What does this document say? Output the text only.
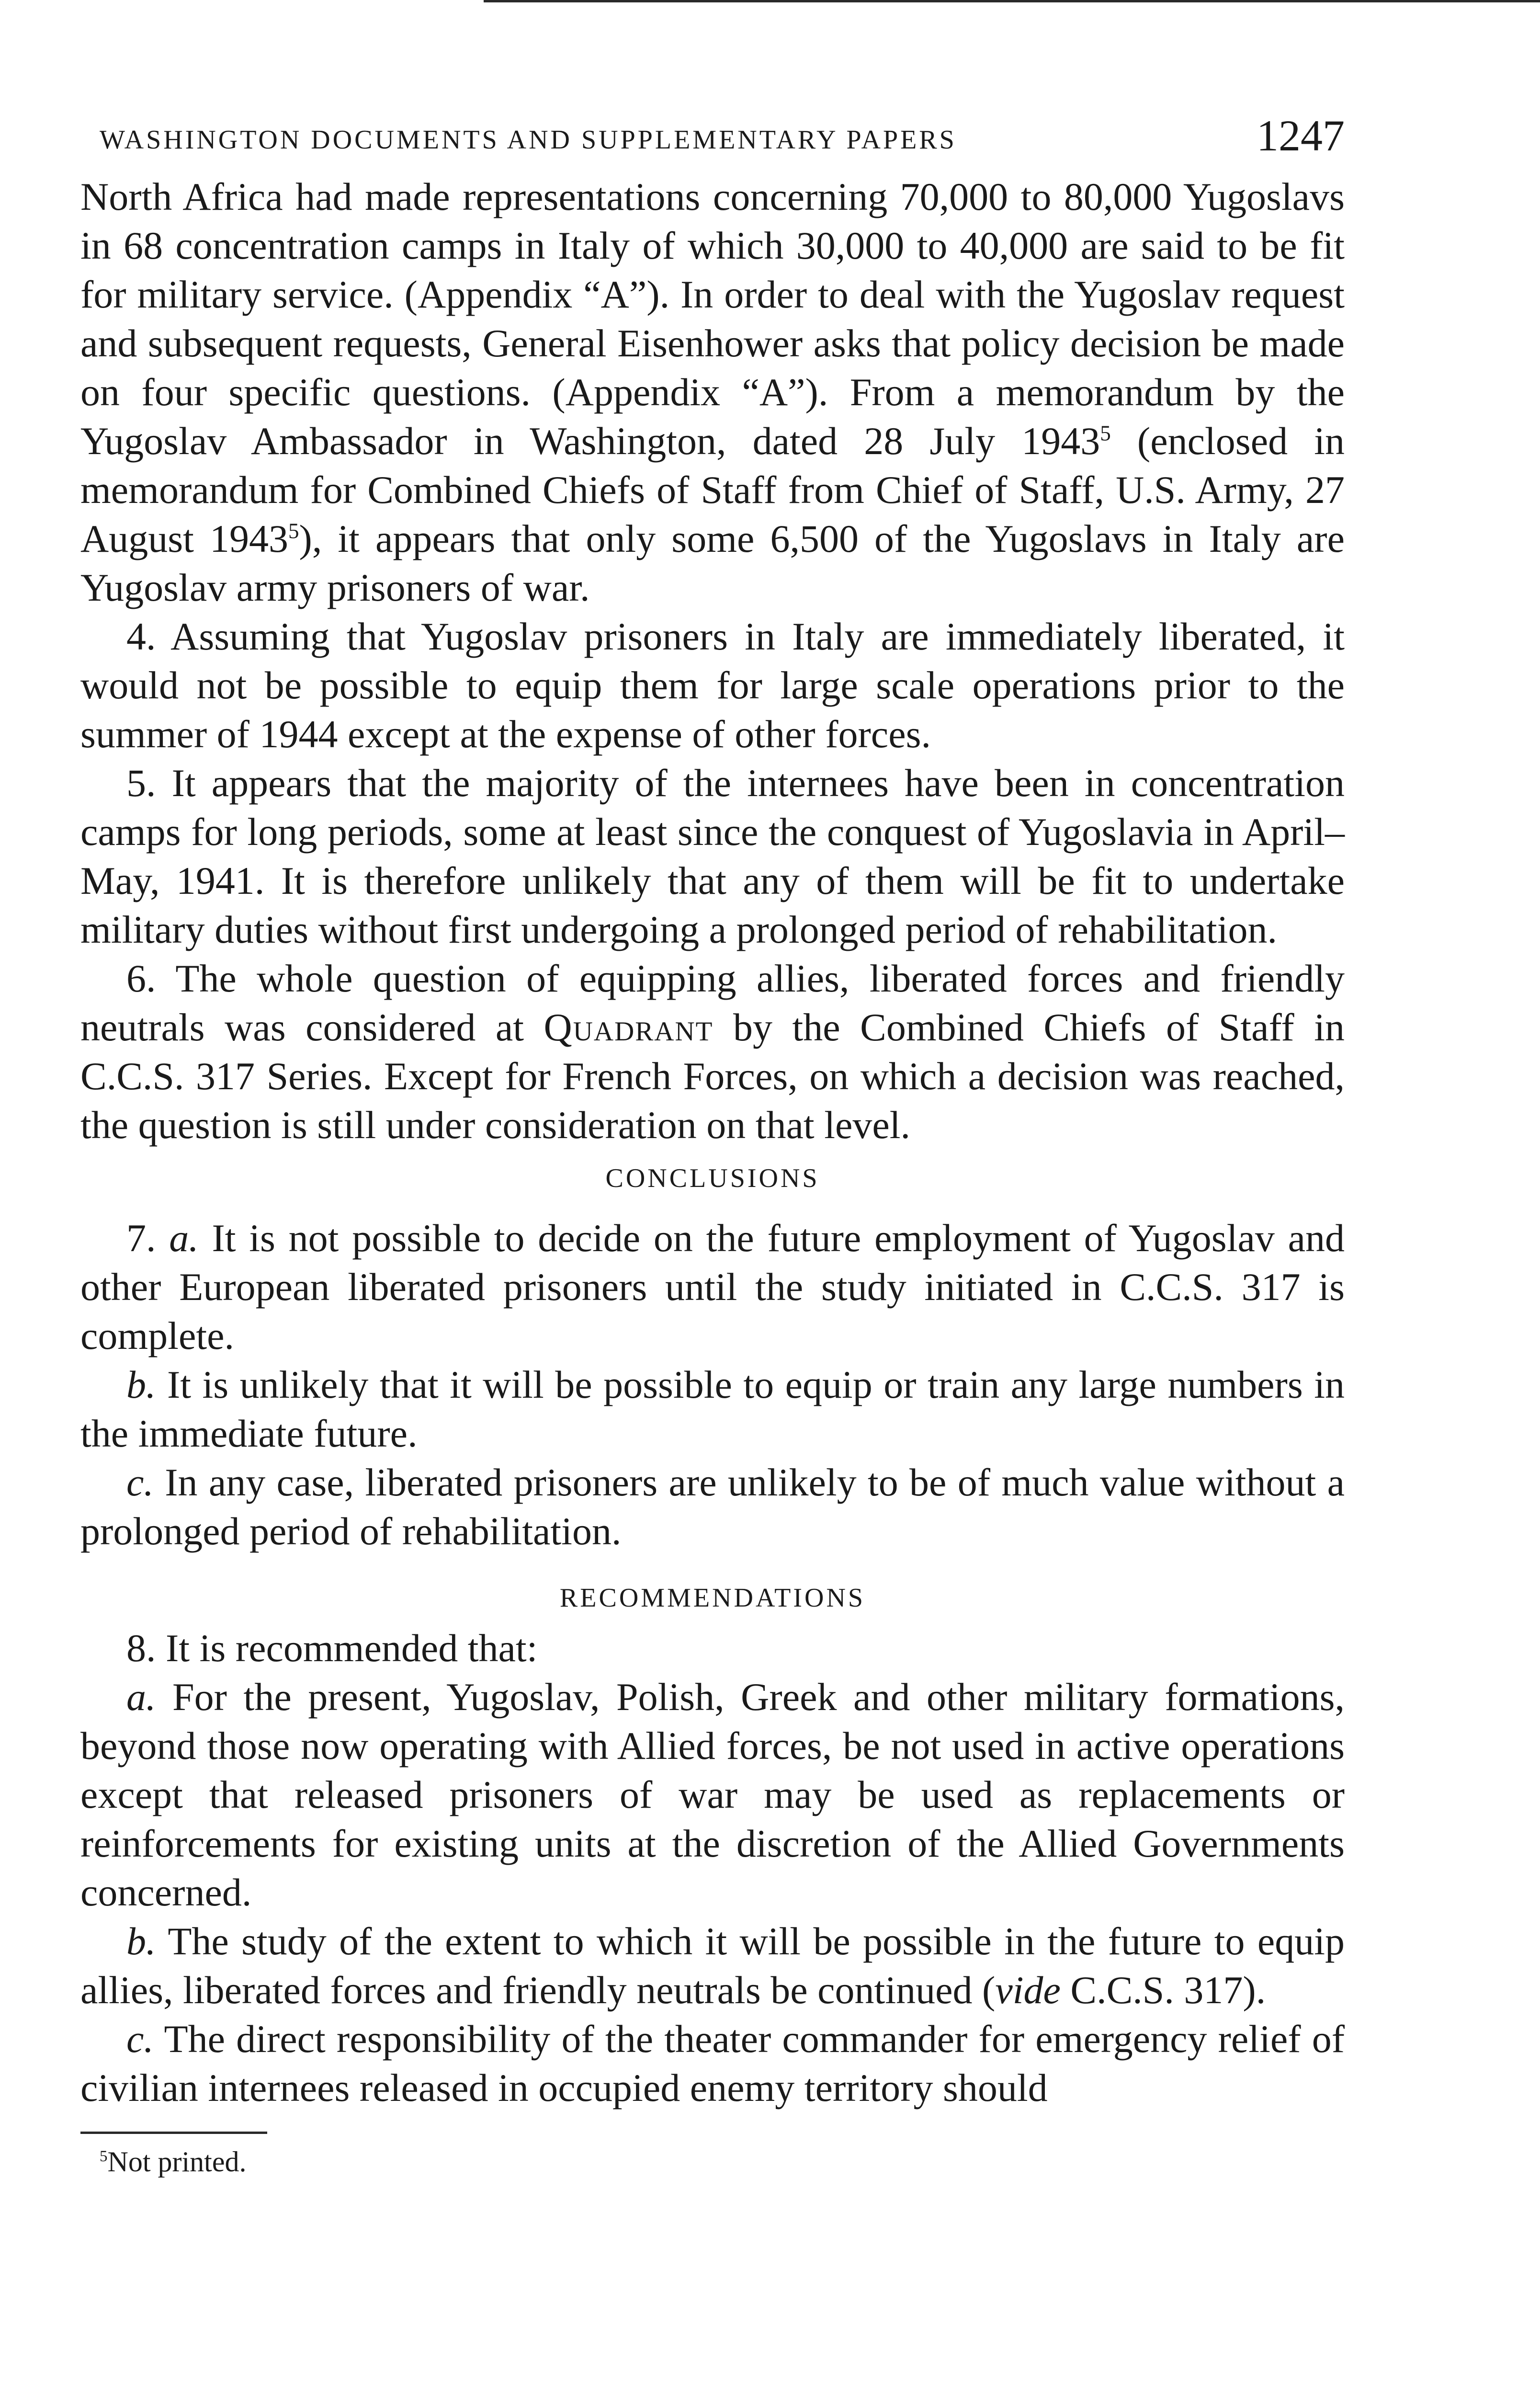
WASHINGTON DOCUMENTS AND SUPPLEMENTARY PAPERS	1247

North Africa had made representations concerning 70,000 to 80,000 Yugoslavs in 68 concentration camps in Italy of which 30,000 to 40,000 are said to be fit for military service. (Appendix “A”). In order to deal with the Yugoslav request and subsequent requests, General Eisenhower asks that policy decision be made on four specific questions. (Appendix “A”). From a memorandum by the Yugoslav Ambassador in Washington, dated 28 July 1943$^5$ (enclosed in memorandum for Combined Chiefs of Staff from Chief of Staff, U.S. Army, 27 August 1943$^5$), it appears that only some 6,500 of the Yugoslavs in Italy are Yugoslav army prisoners of war.

4. Assuming that Yugoslav prisoners in Italy are immediately liberated, it would not be possible to equip them for large scale operations prior to the summer of 1944 except at the expense of other forces.

5. It appears that the majority of the internees have been in concentration camps for long periods, some at least since the conquest of Yugoslavia in April–May, 1941. It is therefore unlikely that any of them will be fit to undertake military duties without first undergoing a prolonged period of rehabilitation.

6. The whole question of equipping allies, liberated forces and friendly neutrals was considered at Quadrant by the Combined Chiefs of Staff in C.C.S. 317 Series. Except for French Forces, on which a decision was reached, the question is still under consideration on that level.

CONCLUSIONS

7. a. It is not possible to decide on the future employment of Yugoslav and other European liberated prisoners until the study initiated in C.C.S. 317 is complete.

b. It is unlikely that it will be possible to equip or train any large numbers in the immediate future.

c. In any case, liberated prisoners are unlikely to be of much value without a prolonged period of rehabilitation.

RECOMMENDATIONS

8. It is recommended that:

a. For the present, Yugoslav, Polish, Greek and other military formations, beyond those now operating with Allied forces, be not used in active operations except that released prisoners of war may be used as replacements or reinforcements for existing units at the discretion of the Allied Governments concerned.

b. The study of the extent to which it will be possible in the future to equip allies, liberated forces and friendly neutrals be continued (vide C.C.S. 317).

c. The direct responsibility of the theater commander for emergency relief of civilian internees released in occupied enemy territory should

$^5$Not printed.
